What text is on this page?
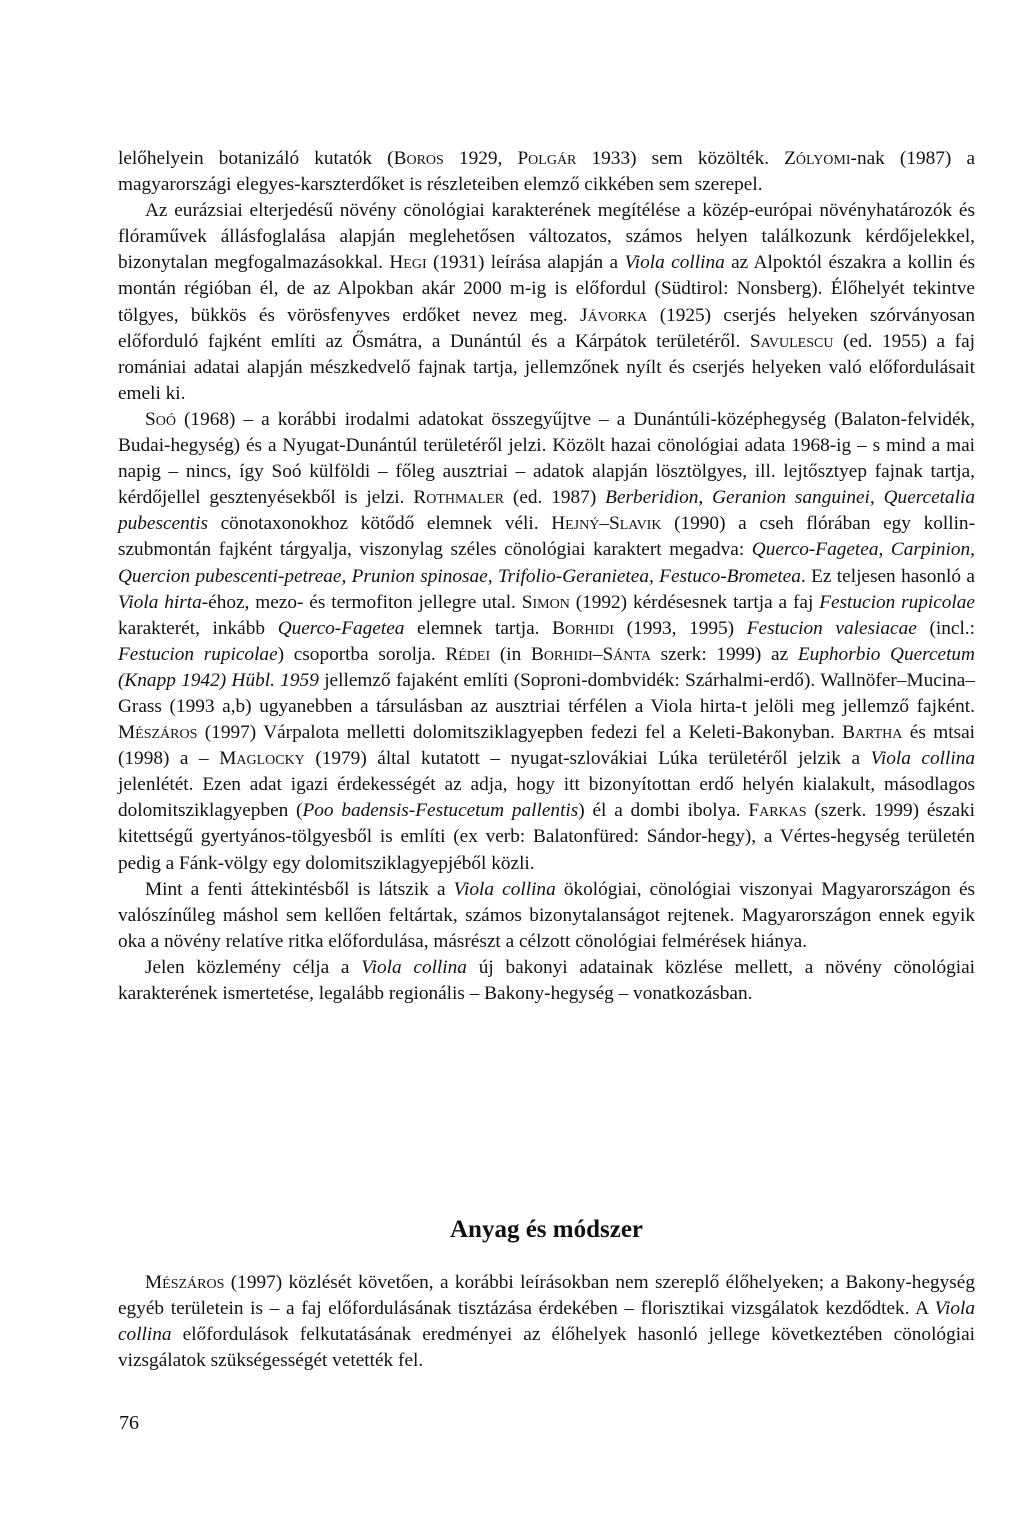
lelőhelyein botanizáló kutatók (Boros 1929, Polgár 1933) sem közölték. Zólyomi-nak (1987) a magyarországi elegyes-karszterdőket is részleteiben elemző cikkében sem szerepel.

Az eurázsiai elterjedésű növény cönológiai karakterének megítélése a közép-európai növényhatározók és flóraművek állásfoglalása alapján meglehetősen változatos, számos helyen találkozunk kérdőjelekkel, bizonytalan megfogalmazásokkal. Hegi (1931) leírása alapján a Viola collina az Alpoktól északra a kollin és montán régióban él, de az Alpokban akár 2000 m-ig is előfordul (Südtirol: Nonsberg). Élőhelyét tekintve tölgyes, bükkös és vörösfenyves erdőket nevez meg. Jávorka (1925) cserjés helyeken szórványosan előforduló fajként említi az Ősmátra, a Dunántúl és a Kárpátok területéről. Savulescu (ed. 1955) a faj romániai adatai alapján mészkedvelő fajnak tartja, jellemzőnek nyílt és cserjés helyeken való előfordulásait emeli ki.

Soó (1968) – a korábbi irodalmi adatokat összegyűjtve – a Dunántúli-középhegység (Balaton-felvidék, Budai-hegység) és a Nyugat-Dunántúl területéről jelzi. Közölt hazai cönológiai adata 1968-ig – s mind a mai napig – nincs, így Soó külföldi – főleg ausztriai – adatok alapján lösztölgyes, ill. lejtősztyep fajnak tartja, kérdőjellel gesztenyésekből is jelzi. Rothmaler (ed. 1987) Berberidion, Geranion sanguinei, Quercetalia pubescentis cönotaxonokhoz kötődő elemnek véli. Hejný–Slavik (1990) a cseh flórában egy kollin-szubmontán fajként tárgyalja, viszonylag széles cönológiai karaktert megadva: Querco-Fagetea, Carpinion, Quercion pubescenti-petreae, Prunion spinosae, Trifolio-Geranietea, Festuco-Brometea. Ez teljesen hasonló a Viola hirta-éhoz, mezo- és termofiton jellegre utal. Simon (1992) kérdésesnek tartja a faj Festucion rupicolae karakterét, inkább Querco-Fagetea elemnek tartja. Borhidi (1993, 1995) Festucion valesiacae (incl.: Festucion rupicolae) csoportba sorolja. Rédei (in Borhidi–Sánta szerk: 1999) az Euphorbio Quercetum (Knapp 1942) Hübl. 1959 jellemző fajaként említi (Soproni-dombvidék: Szárhalmi-erdő). Wallnöfer–Mucina–Grass (1993 a,b) ugyanebben a társulásban az ausztriai térfélen a Viola hirta-t jelöli meg jellemző fajként. Mészáros (1997) Várpalota melletti dolomitsziklagyepben fedezi fel a Keleti-Bakonyban. Bartha és mtsai (1998) a – Maglocky (1979) által kutatott – nyugat-szlovákiai Lúka területéről jelzik a Viola collina jelenlétét. Ezen adat igazi érdekességét az adja, hogy itt bizonyítottan erdő helyén kialakult, másodlagos dolomitsziklagyepben (Poo badensis-Festucetum pallentis) él a dombi ibolya. Farkas (szerk. 1999) északi kitettségű gyertyános-tölgyesből is említi (ex verb: Balatonfüred: Sándor-hegy), a Vértes-hegység területén pedig a Fánk-völgy egy dolomitsziklagyepjéből közli.

Mint a fenti áttekintésből is látszik a Viola collina ökológiai, cönológiai viszonyai Magyarországon és valószínűleg máshol sem kellően feltártak, számos bizonytalanságot rejtenek. Magyarországon ennek egyik oka a növény relatíve ritka előfordulása, másrészt a célzott cönológiai felmérések hiánya.

Jelen közlemény célja a Viola collina új bakonyi adatainak közlése mellett, a növény cönológiai karakterének ismertetése, legalább regionális – Bakony-hegység – vonatkozásban.

Anyag és módszer

Mészáros (1997) közlését követően, a korábbi leírásokban nem szereplő élőhelyeken; a Bakony-hegység egyéb területein is – a faj előfordulásának tisztázása érdekében – florisztikai vizsgálatok kezdődtek. A Viola collina előfordulások felkutatásának eredményei az élőhelyek hasonló jellege következtében cönológiai vizsgálatok szükségességét vetették fel.

76
